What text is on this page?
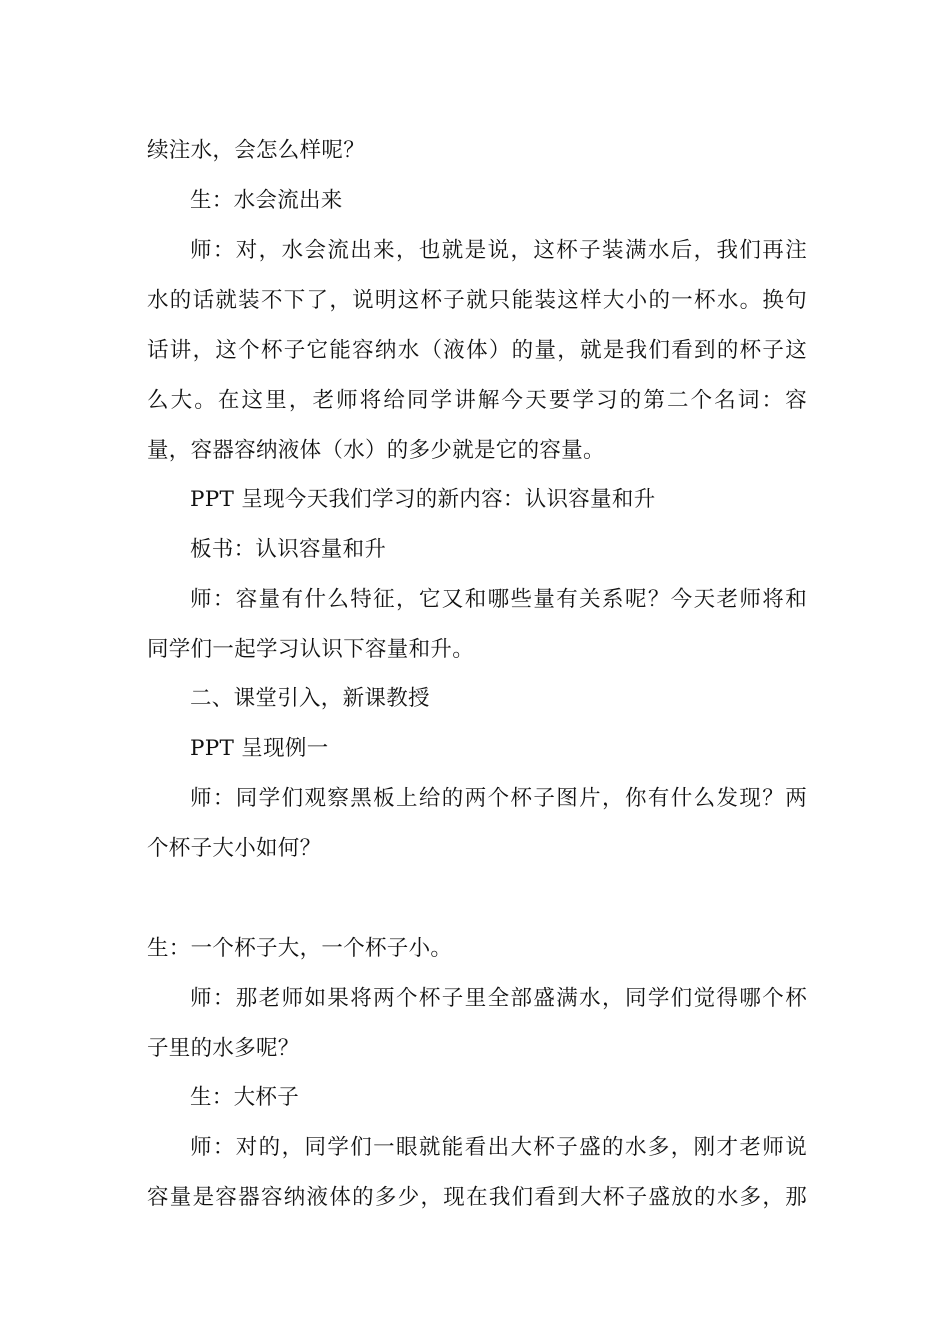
续注水，会怎么样呢？
生：水会流出来
师：对，水会流出来，也就是说，这杯子装满水后，我们再注
水的话就装不下了，说明这杯子就只能装这样大小的一杯水。换句
话讲，这个杯子它能容纳水（液体）的量，就是我们看到的杯子这
么大。在这里，老师将给同学讲解今天要学习的第二个名词：容
量，容器容纳液体（水）的多少就是它的容量。
PPT 呈现今天我们学习的新内容：认识容量和升
板书：认识容量和升
师：容量有什么特征，它又和哪些量有关系呢？今天老师将和
同学们一起学习认识下容量和升。
二、课堂引入，新课教授
PPT 呈现例一
师：同学们观察黑板上给的两个杯子图片，你有什么发现？两
个杯子大小如何？
生：一个杯子大，一个杯子小。
师：那老师如果将两个杯子里全部盛满水，同学们觉得哪个杯
子里的水多呢？
生：大杯子
师：对的，同学们一眼就能看出大杯子盛的水多，刚才老师说
容量是容器容纳液体的多少，现在我们看到大杯子盛放的水多，那
